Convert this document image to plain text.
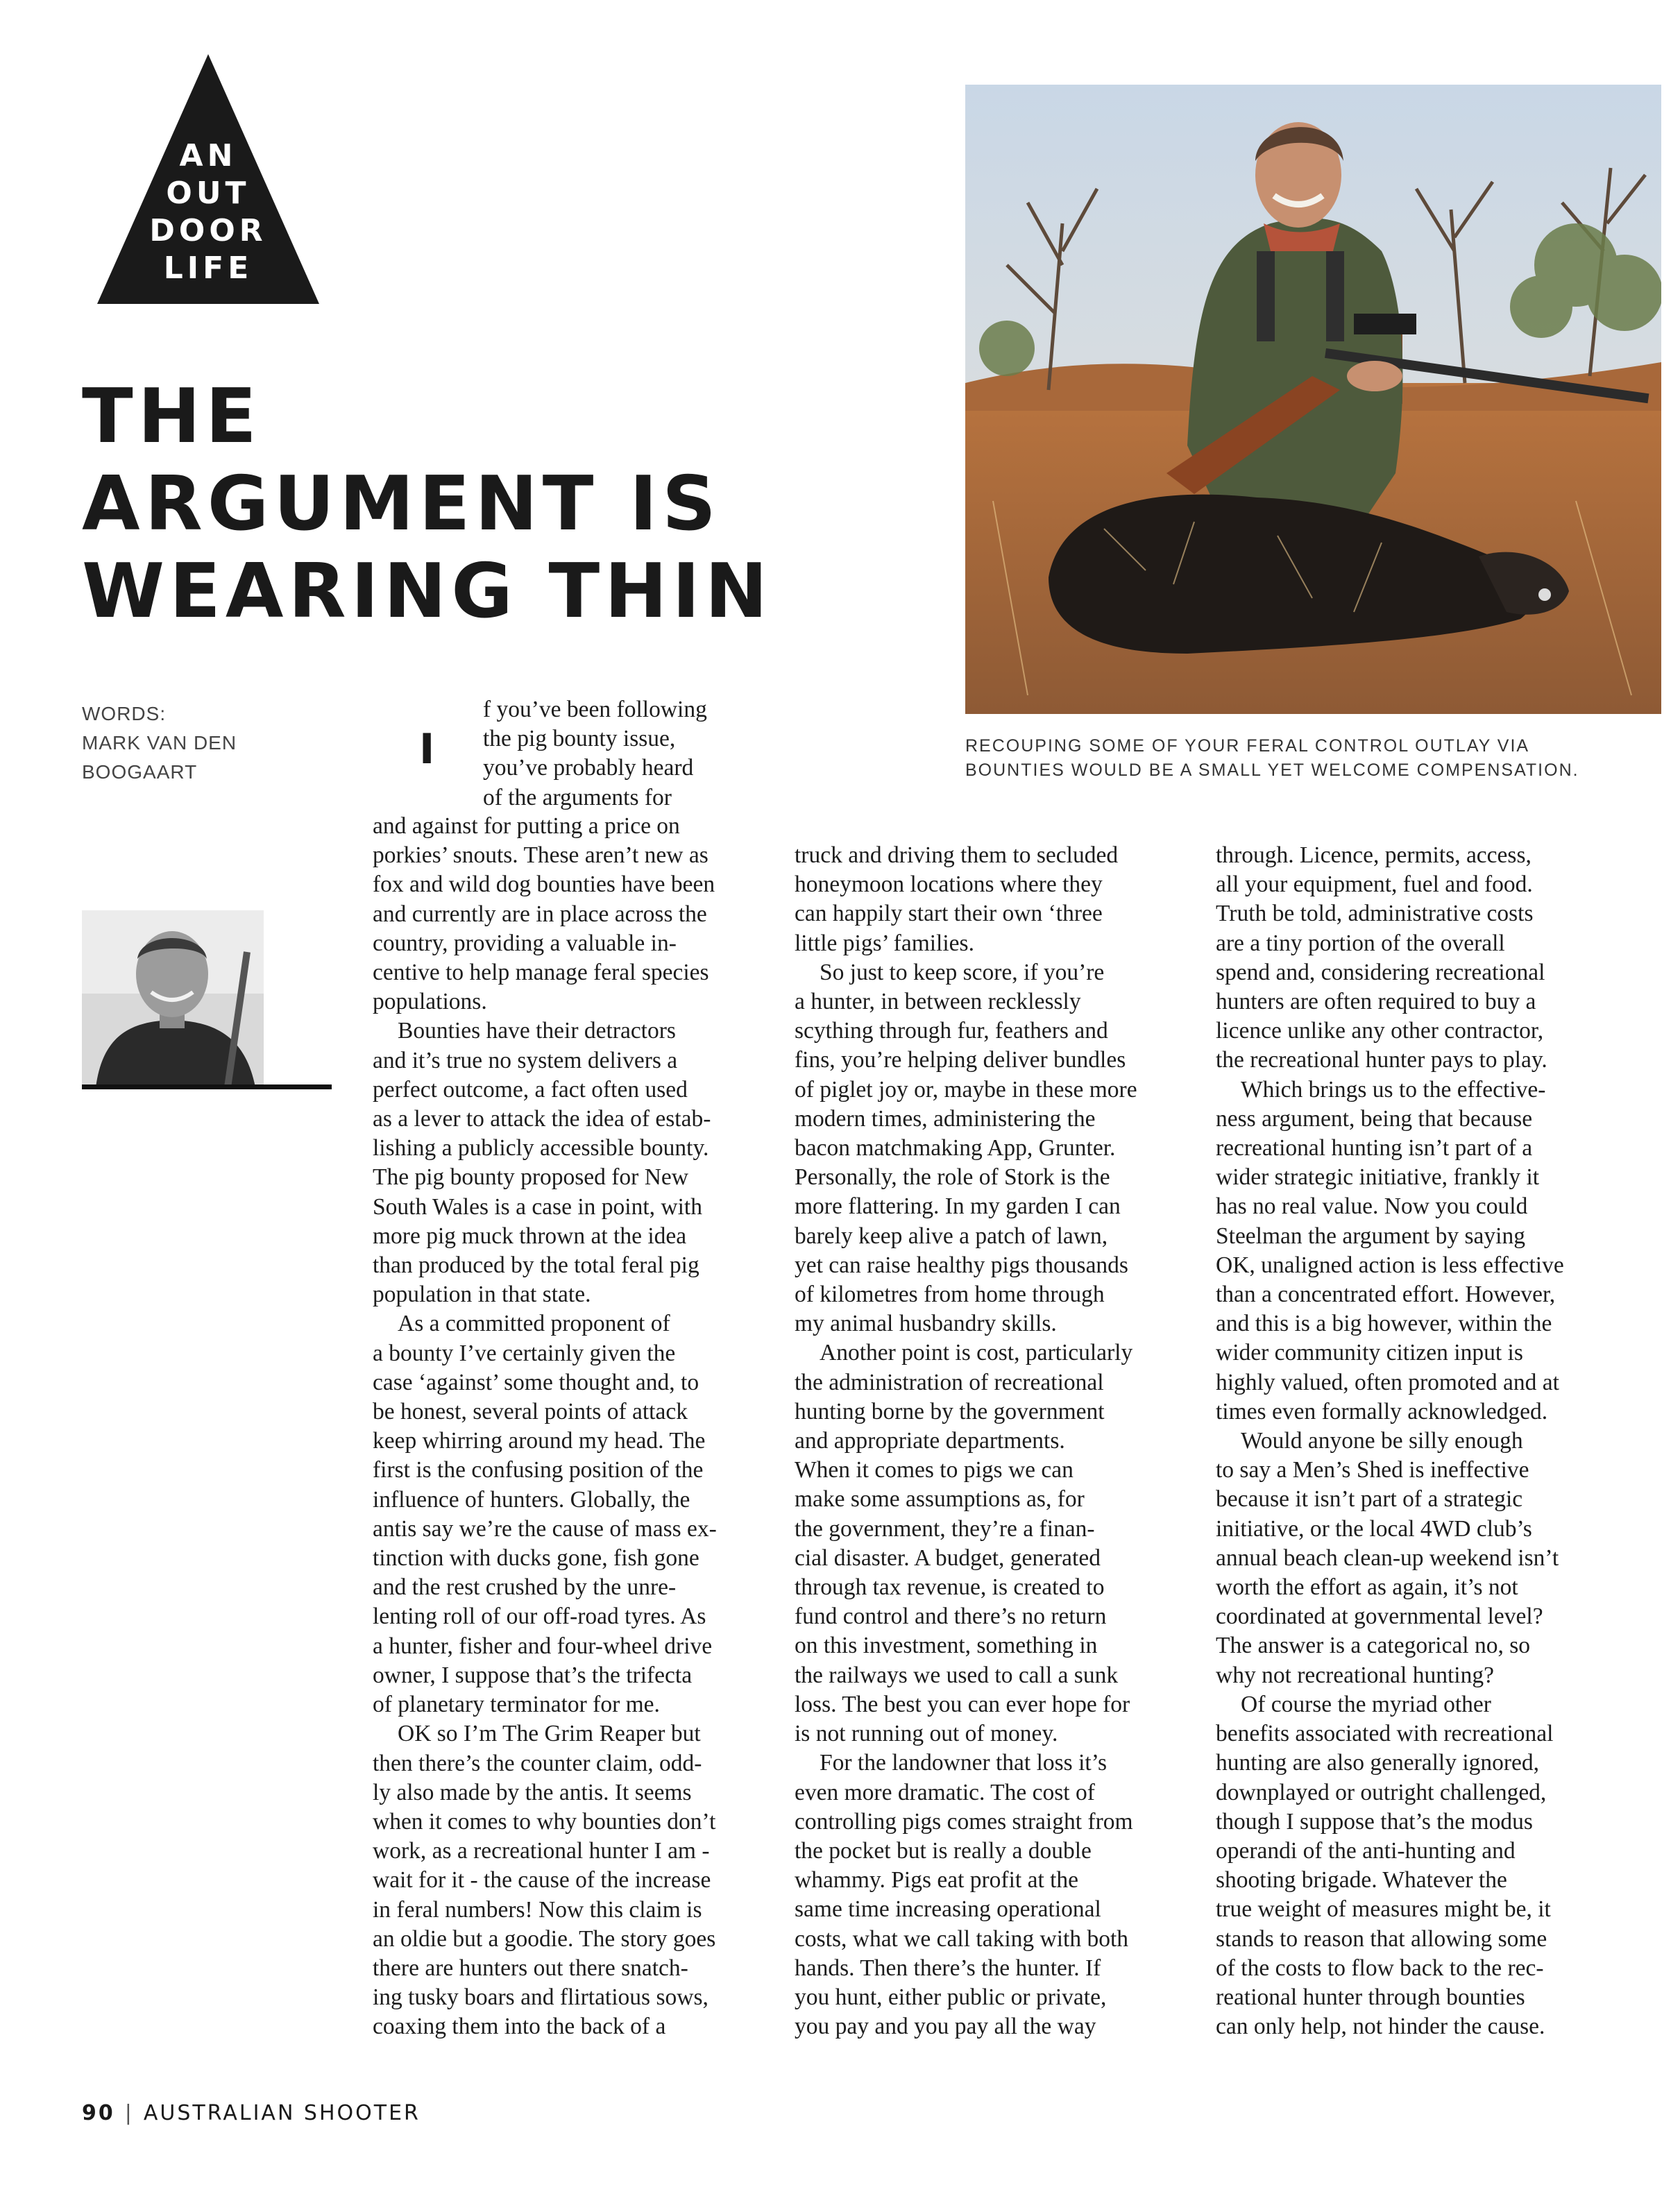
AN
OUT
DOOR
LIFE
THE
ARGUMENT IS
WEARING THIN
WORDS:
MARK VAN DEN
BOOGAART
RECOUPING SOME OF YOUR FERAL CONTROL OUTLAY VIA
BOUNTIES WOULD BE A SMALL YET WELCOME COMPENSATION.
I
f you’ve been following
the pig bounty issue,
you’ve probably heard
of the arguments for
and against for putting a price on
porkies’ snouts. These aren’t new as
fox and wild dog bounties have been
and currently are in place across the
country, providing a valuable in-
centive to help manage feral species
populations.
Bounties have their detractors
and it’s true no system delivers a
perfect outcome, a fact often used
as a lever to attack the idea of estab-
lishing a publicly accessible bounty.
The pig bounty proposed for New
South Wales is a case in point, with
more pig muck thrown at the idea
than produced by the total feral pig
population in that state.
As a committed proponent of
a bounty I’ve certainly given the
case ‘against’ some thought and, to
be honest, several points of attack
keep whirring around my head. The
first is the confusing position of the
influence of hunters. Globally, the
antis say we’re the cause of mass ex-
tinction with ducks gone, fish gone
and the rest crushed by the unre-
lenting roll of our off-road tyres. As
a hunter, fisher and four-wheel drive
owner, I suppose that’s the trifecta
of planetary terminator for me.
OK so I’m The Grim Reaper but
then there’s the counter claim, odd-
ly also made by the antis. It seems
when it comes to why bounties don’t
work, as a recreational hunter I am -
wait for it - the cause of the increase
in feral numbers! Now this claim is
an oldie but a goodie. The story goes
there are hunters out there snatch-
ing tusky boars and flirtatious sows,
coaxing them into the back of a
truck and driving them to secluded
honeymoon locations where they
can happily start their own ‘three
little pigs’ families.
So just to keep score, if you’re
a hunter, in between recklessly
scything through fur, feathers and
fins, you’re helping deliver bundles
of piglet joy or, maybe in these more
modern times, administering the
bacon matchmaking App, Grunter.
Personally, the role of Stork is the
more flattering. In my garden I can
barely keep alive a patch of lawn,
yet can raise healthy pigs thousands
of kilometres from home through
my animal husbandry skills.
Another point is cost, particularly
the administration of recreational
hunting borne by the government
and appropriate departments.
When it comes to pigs we can
make some assumptions as, for
the government, they’re a finan-
cial disaster. A budget, generated
through tax revenue, is created to
fund control and there’s no return
on this investment, something in
the railways we used to call a sunk
loss. The best you can ever hope for
is not running out of money.
For the landowner that loss it’s
even more dramatic. The cost of
controlling pigs comes straight from
the pocket but is really a double
whammy. Pigs eat profit at the
same time increasing operational
costs, what we call taking with both
hands. Then there’s the hunter. If
you hunt, either public or private,
you pay and you pay all the way
through. Licence, permits, access,
all your equipment, fuel and food.
Truth be told, administrative costs
are a tiny portion of the overall
spend and, considering recreational
hunters are often required to buy a
licence unlike any other contractor,
the recreational hunter pays to play.
Which brings us to the effective-
ness argument, being that because
recreational hunting isn’t part of a
wider strategic initiative, frankly it
has no real value. Now you could
Steelman the argument by saying
OK, unaligned action is less effective
than a concentrated effort. However,
and this is a big however, within the
wider community citizen input is
highly valued, often promoted and at
times even formally acknowledged.
Would anyone be silly enough
to say a Men’s Shed is ineffective
because it isn’t part of a strategic
initiative, or the local 4WD club’s
annual beach clean-up weekend isn’t
worth the effort as again, it’s not
coordinated at governmental level?
The answer is a categorical no, so
why not recreational hunting?
Of course the myriad other
benefits associated with recreational
hunting are also generally ignored,
downplayed or outright challenged,
though I suppose that’s the modus
operandi of the anti-hunting and
shooting brigade. Whatever the
true weight of measures might be, it
stands to reason that allowing some
of the costs to flow back to the rec-
reational hunter through bounties
can only help, not hinder the cause.
90 | AUSTRALIAN SHOOTER
